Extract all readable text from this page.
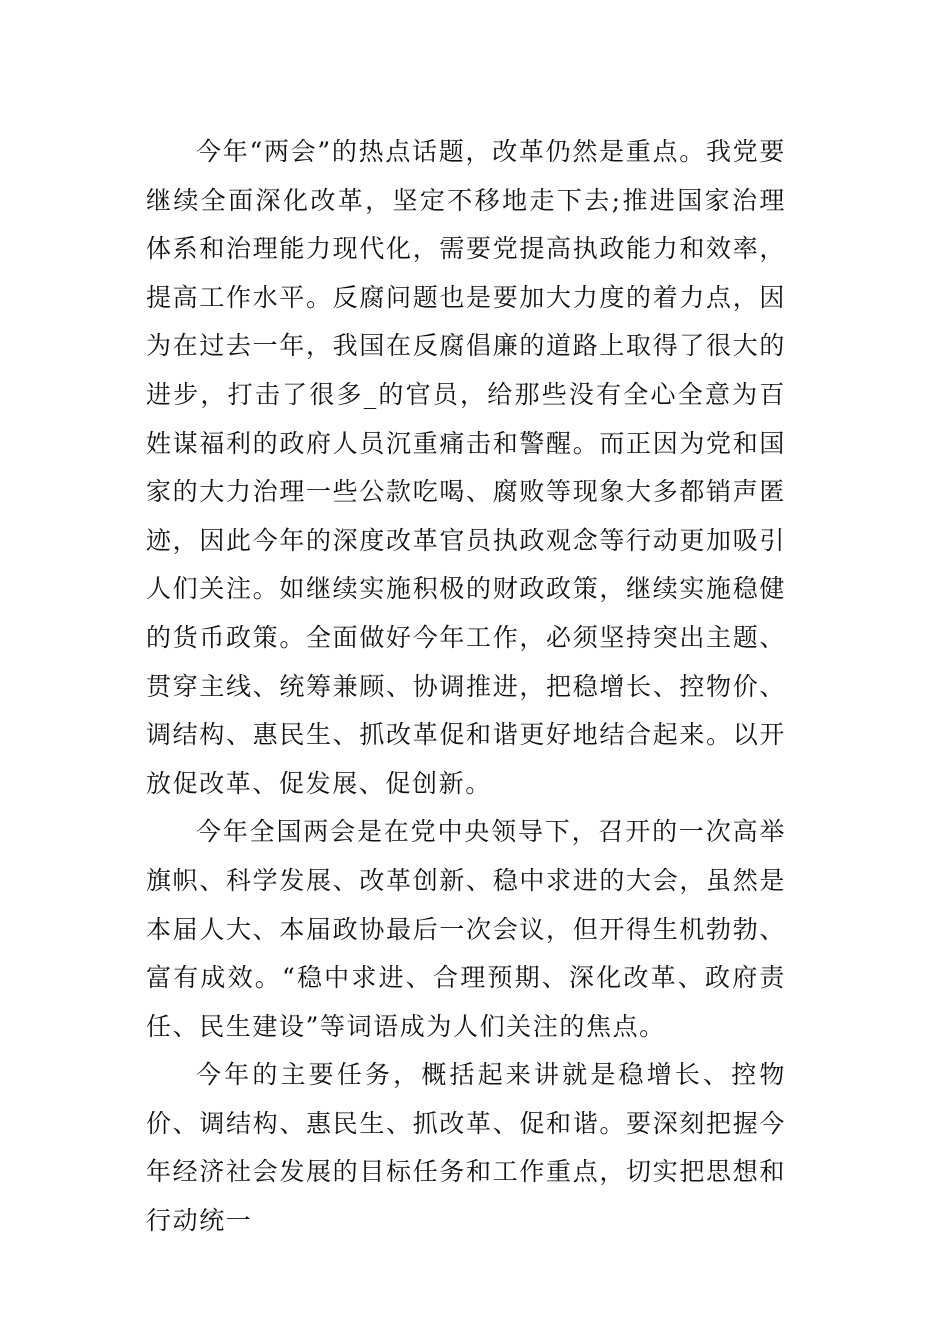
今年“两会”的热点话题，改革仍然是重点。我党要继续全面深化改革，坚定不移地走下去;推进国家治理体系和治理能力现代化，需要党提高执政能力和效率，提高工作水平。反腐问题也是要加大力度的着力点，因为在过去一年，我国在反腐倡廉的道路上取得了很大的进步，打击了很多_的官员，给那些没有全心全意为百姓谋福利的政府人员沉重痛击和警醒。而正因为党和国家的大力治理一些公款吃喝、腐败等现象大多都销声匿迹，因此今年的深度改革官员执政观念等行动更加吸引人们关注。如继续实施积极的财政政策，继续实施稳健的货币政策。全面做好今年工作，必须坚持突出主题、贯穿主线、统筹兼顾、协调推进，把稳增长、控物价、调结构、惠民生、抓改革促和谐更好地结合起来。以开放促改革、促发展、促创新。

今年全国两会是在党中央领导下，召开的一次高举旗帜、科学发展、改革创新、稳中求进的大会，虽然是本届人大、本届政协最后一次会议，但开得生机勃勃、富有成效。“稳中求进、合理预期、深化改革、政府责任、民生建设”等词语成为人们关注的焦点。

今年的主要任务，概括起来讲就是稳增长、控物价、调结构、惠民生、抓改革、促和谐。要深刻把握今年经济社会发展的目标任务和工作重点，切实把思想和行动统一
